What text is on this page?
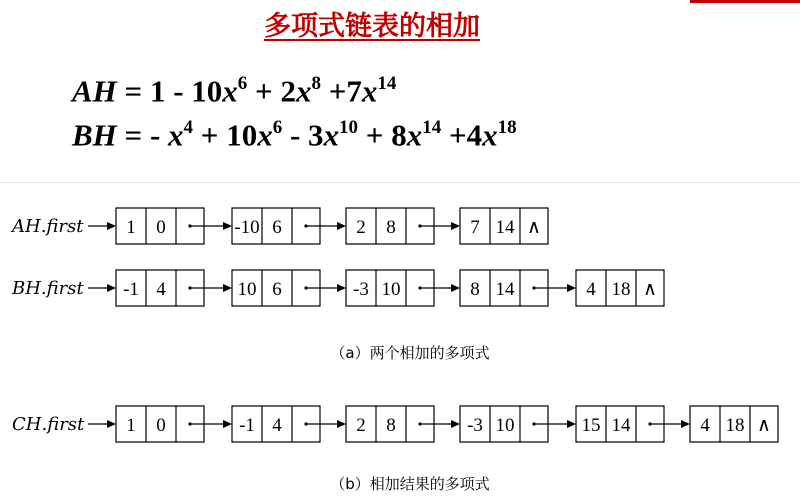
多项式链表的相加
AH = $1 - 10x^6 + 2x^8 +7x^{14}$
BH = - $x^4 + 10x^6 - 3x^{10} + 8x^{14} +4x^{18}$
AH.first 1 0	-10 6	2 8	7 14 ∧
BH.first -1 4	10 6	-3 10	8 14	4 18 ∧
CH.first 1 0	-1 4	2 8	-3 10	15 14	4 18 ∧
（a）两个相加的多项式
（b）相加结果的多项式
